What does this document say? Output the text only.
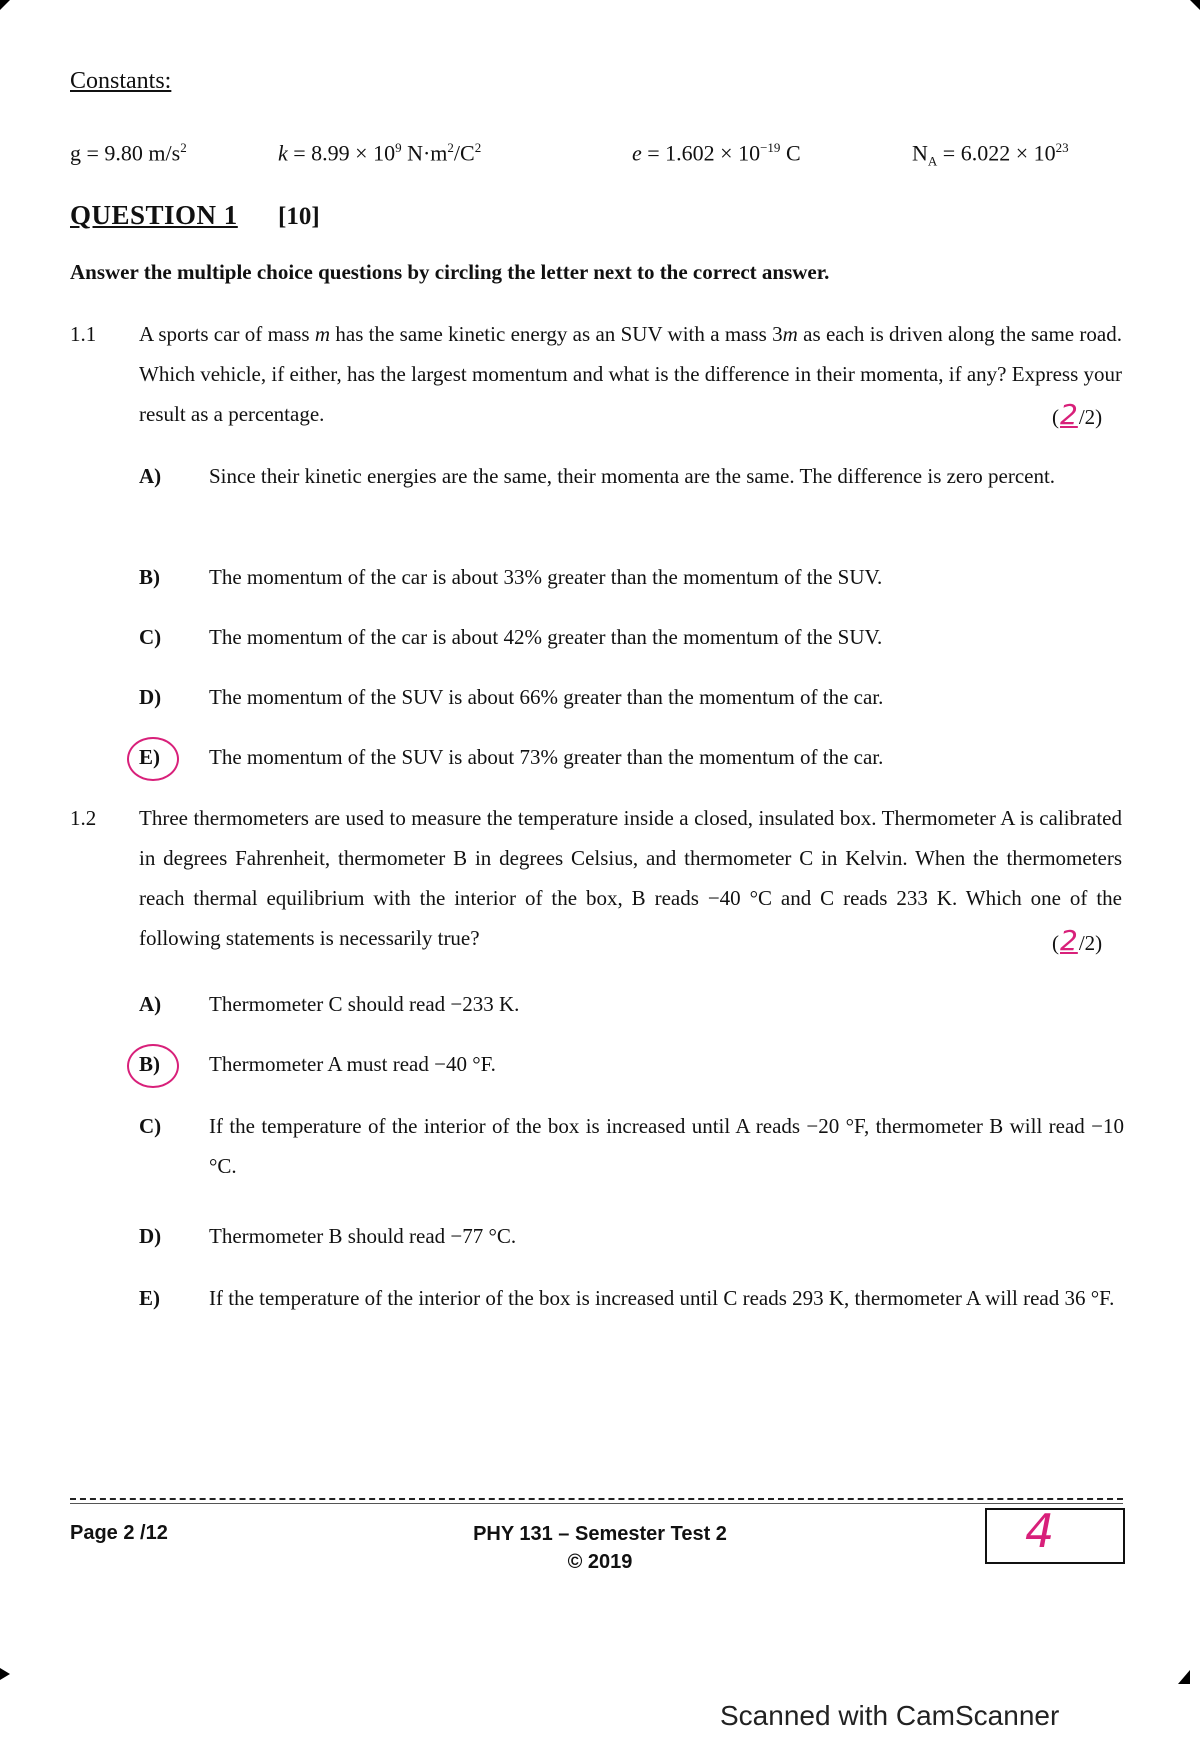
Constants:
g = 9.80 $m/s^2$	$k = 8.99 \times 10^9$ $N\cdot m^2/C^2$	$e = 1.602 \times 10^{-19}$ C	$N_A = 6.022 \times 10^{23}$
QUESTION 1 [10]
Answer the multiple choice questions by circling the letter next to the correct answer.
1.1 A sports car of mass m has the same kinetic energy as an SUV with a mass 3m as each is driven along the same road. Which vehicle, if either, has the largest momentum and what is the difference in their momenta, if any? Express your result as a percentage.	(2/2)
A)	Since their kinetic energies are the same, their momenta are the same. The difference is zero percent.
B)	The momentum of the car is about 33% greater than the momentum of the SUV.
C)	The momentum of the car is about 42% greater than the momentum of the SUV.
D)	The momentum of the SUV is about 66% greater than the momentum of the car.
E)	The momentum of the SUV is about 73% greater than the momentum of the car.
1.2 Three thermometers are used to measure the temperature inside a closed, insulated box. Thermometer A is calibrated in degrees Fahrenheit, thermometer B in degrees Celsius, and thermometer C in Kelvin. When the thermometers reach thermal equilibrium with the interior of the box, B reads −40 °C and C reads 233 K. Which one of the following statements is necessarily true?	(2/2)
A)	Thermometer C should read −233 K.
B)	Thermometer A must read −40 °F.
C)	If the temperature of the interior of the box is increased until A reads −20 °F, thermometer B will read −10 °C.
D)	Thermometer B should read −77 °C.
E)	If the temperature of the interior of the box is increased until C reads 293 K, thermometer A will read 36 °F.
Page 2 /12	PHY 131 – Semester Test 2
© 2019
4
Scanned with CamScanner
